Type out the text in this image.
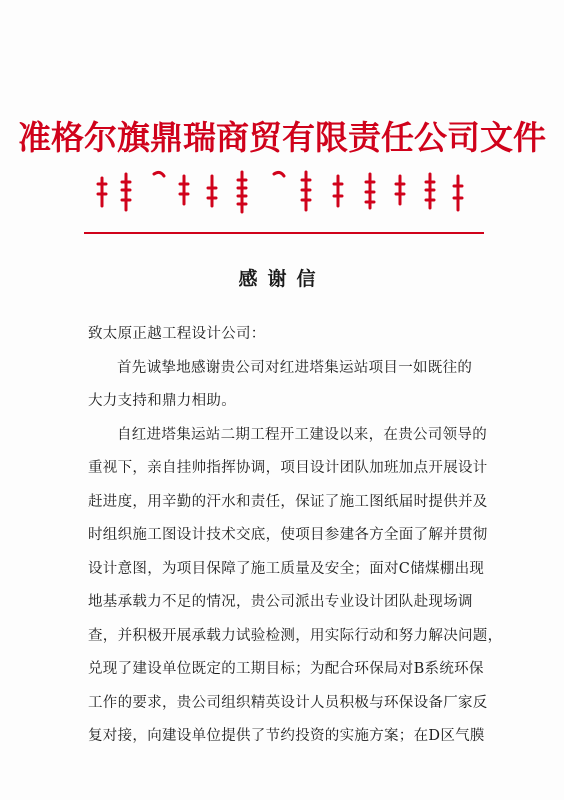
准格尔旗鼎瑞商贸有限责任公司文件
感谢信
致太原正越工程设计公司：
首先诚挚地感谢贵公司对红进塔集运站项目一如既往的
大力支持和鼎力相助。
自红进塔集运站二期工程开工建设以来，在贵公司领导的
重视下，亲自挂帅指挥协调，项目设计团队加班加点开展设计
赶进度，用辛勤的汗水和责任，保证了施工图纸届时提供并及
时组织施工图设计技术交底，使项目参建各方全面了解并贯彻
设计意图，为项目保障了施工质量及安全；面对C储煤棚出现
地基承载力不足的情况，贵公司派出专业设计团队赴现场调
查，并积极开展承载力试验检测，用实际行动和努力解决问题，
兑现了建设单位既定的工期目标；为配合环保局对B系统环保
工作的要求，贵公司组织精英设计人员积极与环保设备厂家反
复对接，向建设单位提供了节约投资的实施方案；在D区气膜
